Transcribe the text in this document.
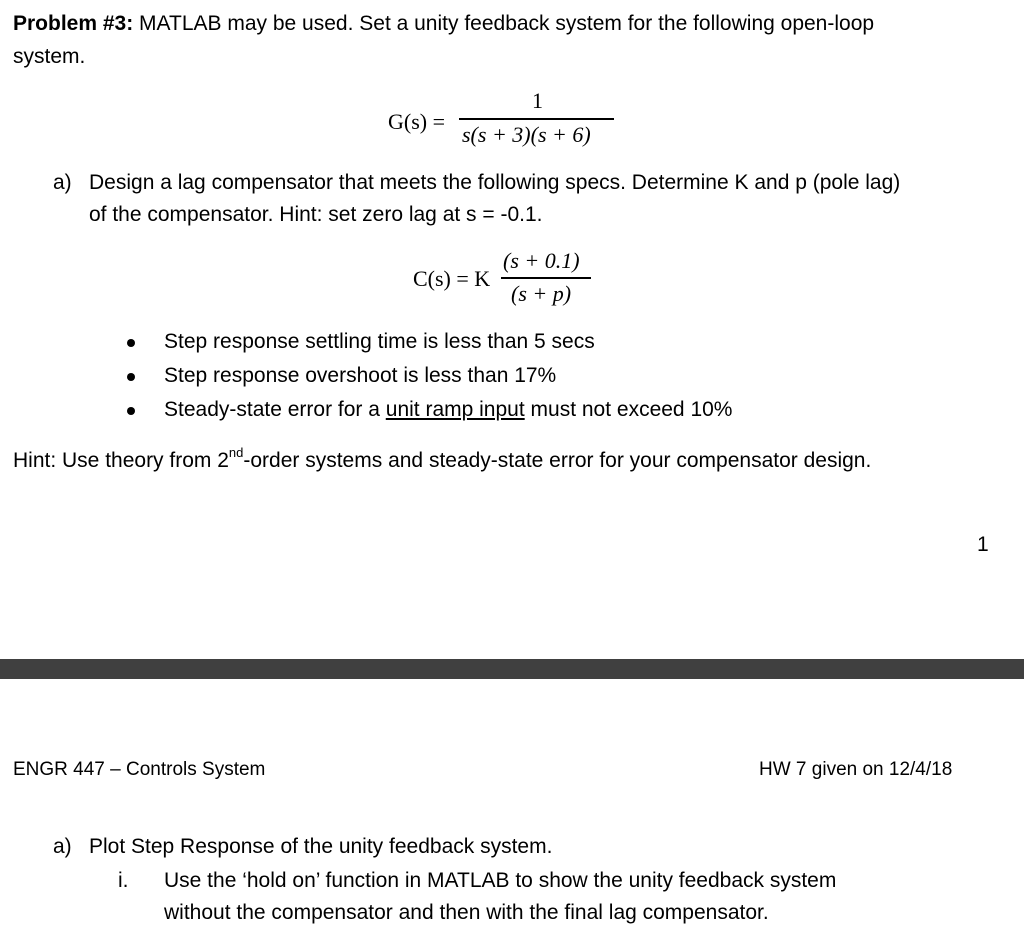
Problem #3: MATLAB may be used. Set a unity feedback system for the following open-loop
system.
G(s) =
1
s(s + 3)(s + 6)
a) Design a lag compensator that meets the following specs. Determine K and p (pole lag)
of the compensator. Hint: set zero lag at s = -0.1.
C(s) = K
(s + 0.1)
(s + p)
Step response settling time is less than 5 secs
Step response overshoot is less than 17%
Steady-state error for a unit ramp input must not exceed 10%
Hint: Use theory from 2nd-order systems and steady-state error for your compensator design.
1
ENGR 447 – Controls System	HW 7 given on 12/4/18
a) Plot Step Response of the unity feedback system.
i. Use the ‘hold on’ function in MATLAB to show the unity feedback system
without the compensator and then with the final lag compensator.
